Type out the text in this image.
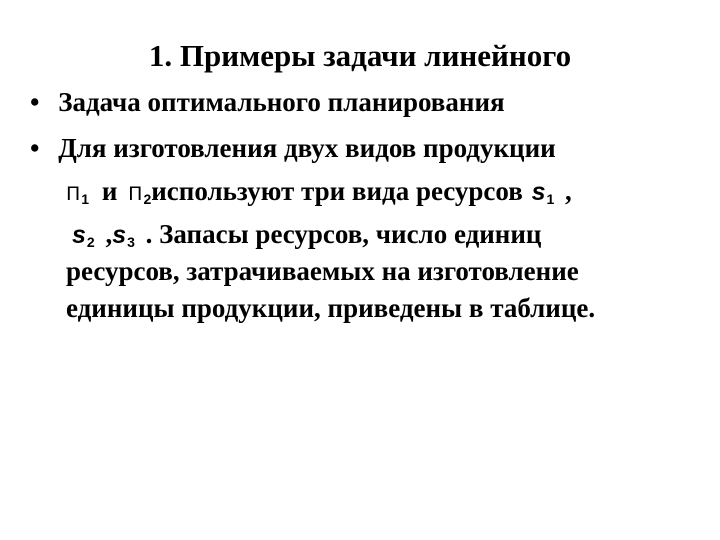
1. Примеры задачи линейного
• Задача оптимального планирования
• Для изготовления двух видов продукции
П1 и П2используют три вида ресурсов s1 ,
s2 ,s3 . Запасы ресурсов, число единиц
ресурсов, затрачиваемых на изготовление
единицы продукции, приведены в таблице.
